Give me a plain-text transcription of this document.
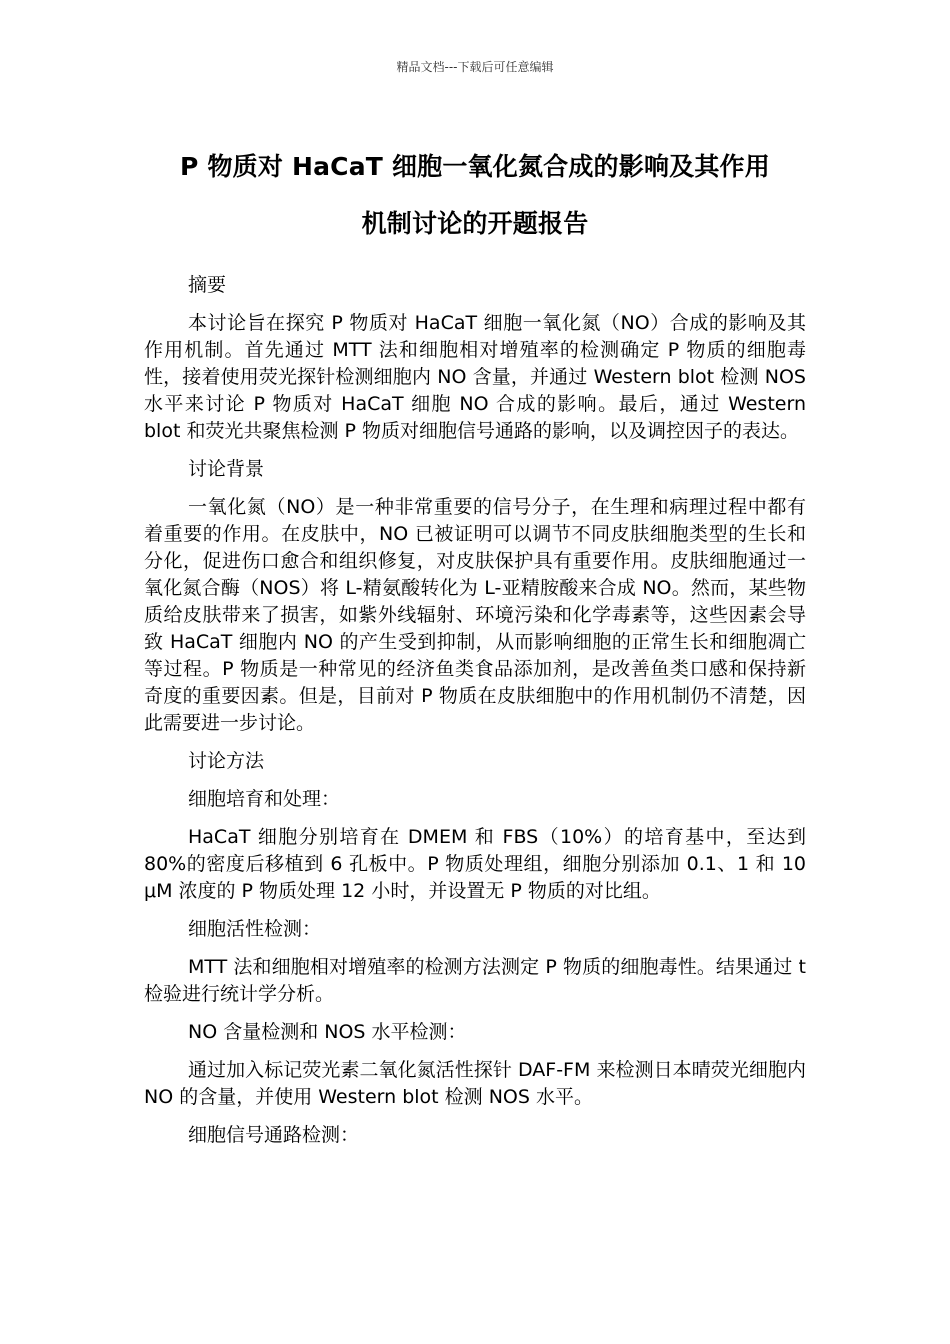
精品文档---下载后可任意编辑
P 物质对 HaCaT 细胞一氧化氮合成的影响及其作用
机制讨论的开题报告

摘要

本讨论旨在探究 P 物质对 HaCaT 细胞一氧化氮（NO）合成的影响及其作用机制。首先通过 MTT 法和细胞相对增殖率的检测确定 P 物质的细胞毒性，接着使用荧光探针检测细胞内 NO 含量，并通过 Western blot 检测 NOS 水平来讨论 P 物质对 HaCaT 细胞 NO 合成的影响。最后，通过 Western blot 和荧光共聚焦检测 P 物质对细胞信号通路的影响，以及调控因子的表达。

讨论背景

一氧化氮（NO）是一种非常重要的信号分子，在生理和病理过程中都有着重要的作用。在皮肤中，NO 已被证明可以调节不同皮肤细胞类型的生长和分化，促进伤口愈合和组织修复，对皮肤保护具有重要作用。皮肤细胞通过一氧化氮合酶（NOS）将 L-精氨酸转化为 L-亚精胺酸来合成 NO。然而，某些物质给皮肤带来了损害，如紫外线辐射、环境污染和化学毒素等，这些因素会导致 HaCaT 细胞内 NO 的产生受到抑制，从而影响细胞的正常生长和细胞凋亡等过程。P 物质是一种常见的经济鱼类食品添加剂，是改善鱼类口感和保持新奇度的重要因素。但是，目前对 P 物质在皮肤细胞中的作用机制仍不清楚，因此需要进一步讨论。

讨论方法

细胞培育和处理：

HaCaT 细胞分别培育在 DMEM 和 FBS（10%）的培育基中，至达到 80%的密度后移植到 6 孔板中。P 物质处理组，细胞分别添加 0.1、1 和 10 μM 浓度的 P 物质处理 12 小时，并设置无 P 物质的对比组。

细胞活性检测：

MTT 法和细胞相对增殖率的检测方法测定 P 物质的细胞毒性。结果通过 t 检验进行统计学分析。

NO 含量检测和 NOS 水平检测：

通过加入标记荧光素二氧化氮活性探针 DAF-FM 来检测日本晴荧光细胞内 NO 的含量，并使用 Western blot 检测 NOS 水平。

细胞信号通路检测：
